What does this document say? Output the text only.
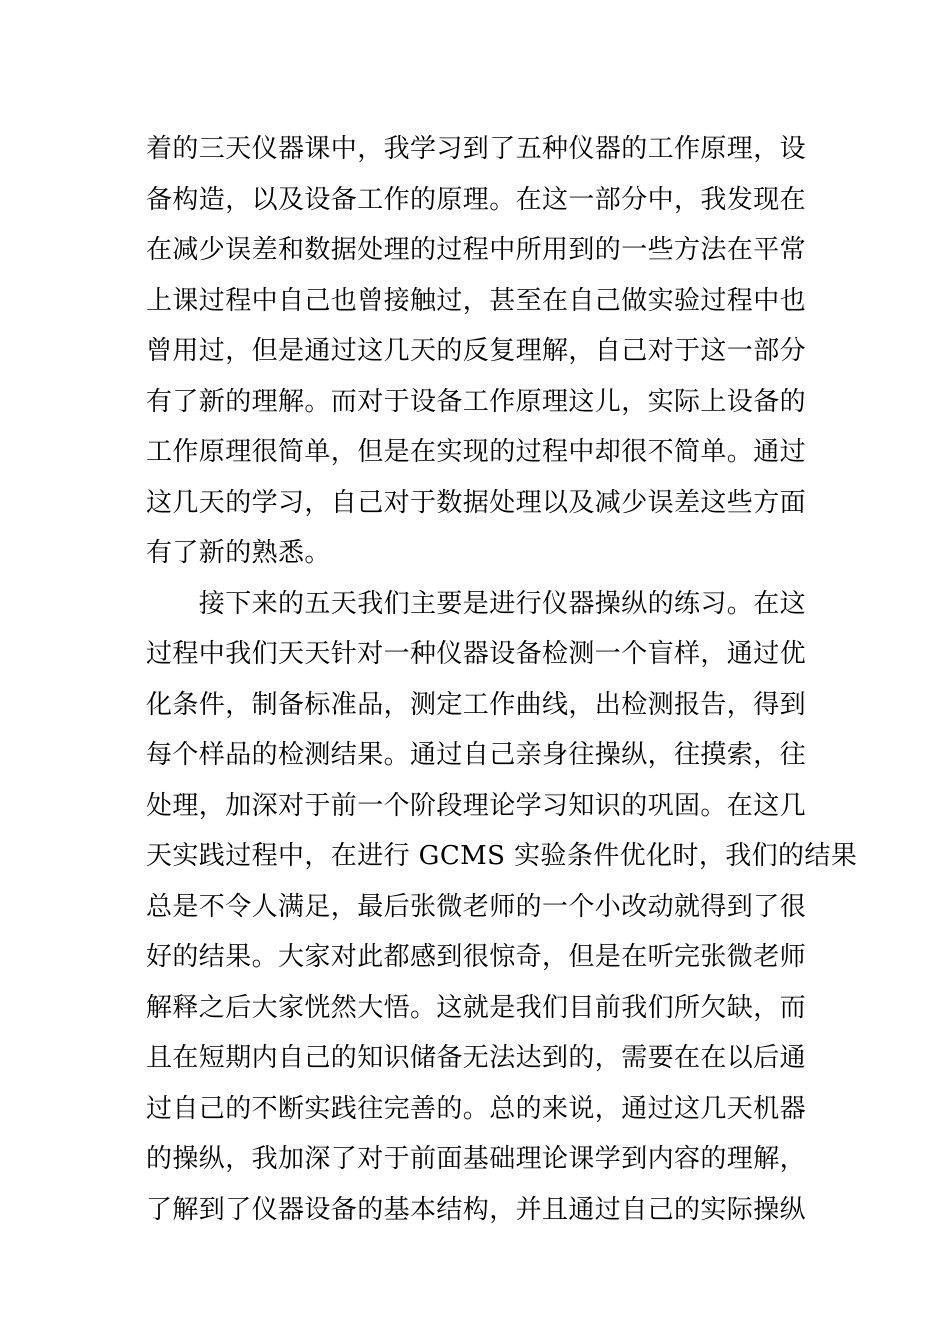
着的三天仪器课中，我学习到了五种仪器的工作原理，设
备构造，以及设备工作的原理。在这一部分中，我发现在
在减少误差和数据处理的过程中所用到的一些方法在平常
上课过程中自己也曾接触过，甚至在自己做实验过程中也
曾用过，但是通过这几天的反复理解，自己对于这一部分
有了新的理解。而对于设备工作原理这儿，实际上设备的
工作原理很简单，但是在实现的过程中却很不简单。通过
这几天的学习，自己对于数据处理以及减少误差这些方面
有了新的熟悉。
　　接下来的五天我们主要是进行仪器操纵的练习。在这
过程中我们天天针对一种仪器设备检测一个盲样，通过优
化条件，制备标准品，测定工作曲线，出检测报告，得到
每个样品的检测结果。通过自己亲身往操纵，往摸索，往
处理，加深对于前一个阶段理论学习知识的巩固。在这几
天实践过程中，在进行 GCMS 实验条件优化时，我们的结果
总是不令人满足，最后张微老师的一个小改动就得到了很
好的结果。大家对此都感到很惊奇，但是在听完张微老师
解释之后大家恍然大悟。这就是我们目前我们所欠缺，而
且在短期内自己的知识储备无法达到的，需要在在以后通
过自己的不断实践往完善的。总的来说，通过这几天机器
的操纵，我加深了对于前面基础理论课学到内容的理解，
了解到了仪器设备的基本结构，并且通过自己的实际操纵
